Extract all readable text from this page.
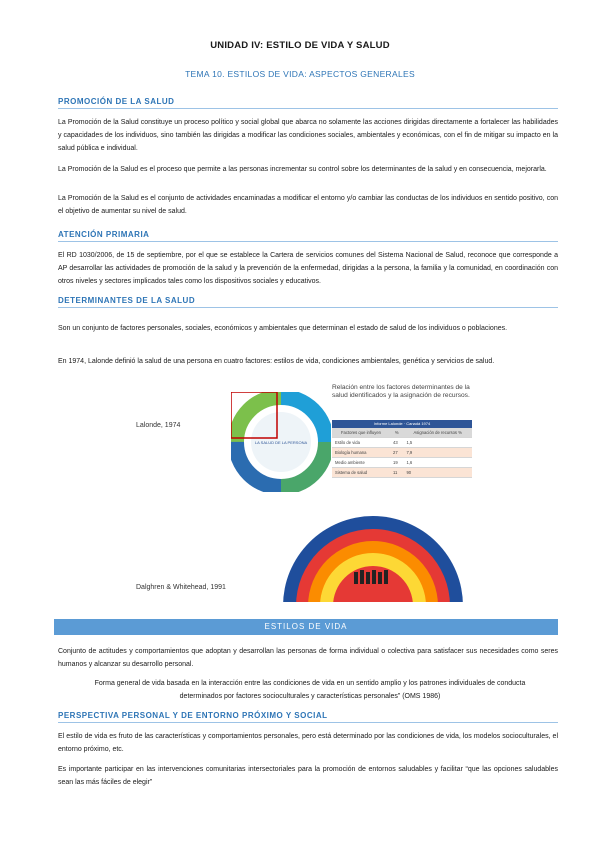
UNIDAD IV: ESTILO DE VIDA Y SALUD
TEMA 10. ESTILOS DE VIDA: ASPECTOS GENERALES
PROMOCIÓN DE LA SALUD
La Promoción de la Salud constituye un proceso político y social global que abarca no solamente las acciones dirigidas directamente a fortalecer las habilidades y capacidades de los individuos, sino también las dirigidas a modificar las condiciones sociales, ambientales y económicas, con el fin de mitigar su impacto en la salud pública e individual.
La Promoción de la Salud es el proceso que permite a las personas incrementar su control sobre los determinantes de la salud y en consecuencia, mejorarla.
La Promoción de la Salud es el conjunto de actividades encaminadas a modificar el entorno y/o cambiar las conductas de los individuos en sentido positivo, con el objetivo de aumentar su nivel de salud.
ATENCIÓN PRIMARIA
El RD 1030/2006, de 15 de septiembre, por el que se establece la Cartera de servicios comunes del Sistema Nacional de Salud, reconoce que corresponde a AP desarrollar las actividades de promoción de la salud y la prevención de la enfermedad, dirigidas a la persona, la familia y la comunidad, en coordinación con otros niveles y sectores implicados tales como los dispositivos sociales y educativos.
DETERMINANTES DE LA SALUD
Son un conjunto de factores personales, sociales, económicos y ambientales que determinan el estado de salud de los individuos o poblaciones.
En 1974, Lalonde definió la salud de una persona en cuatro factores: estilos de vida, condiciones ambientales, genética y servicios de salud.
Lalonde, 1974
LA SALUD DE LA PERSONA
Relación entre los factores determinantes de la salud identificados y la asignación de recursos.
Informe Lalonde · Canadá 1974
Factores que influyen	%	Asignación de recursos %
Estilo de vida	43	1,5
Biología humana	27	7,9
Medio ambiente	19	1,6
Sistema de salud	11	90
Dalghren & Whitehead, 1991
ESTILOS DE VIDA
Conjunto de actitudes y comportamientos que adoptan y desarrollan las personas de forma individual o colectiva para satisfacer sus necesidades como seres humanos y alcanzar su desarrollo personal.
Forma general de vida basada en la interacción entre las condiciones de vida en un sentido amplio y los patrones individuales de conducta determinados por factores socioculturales y características personales” (OMS 1986)
PERSPECTIVA PERSONAL Y DE ENTORNO PRÓXIMO Y SOCIAL
El estilo de vida es fruto de las características y comportamientos personales, pero está determinado por las condiciones de vida, los modelos socioculturales, el entorno próximo, etc.
Es importante participar en las intervenciones comunitarias intersectoriales para la promoción de entornos saludables y facilitar “que las opciones saludables sean las más fáciles de elegir”
